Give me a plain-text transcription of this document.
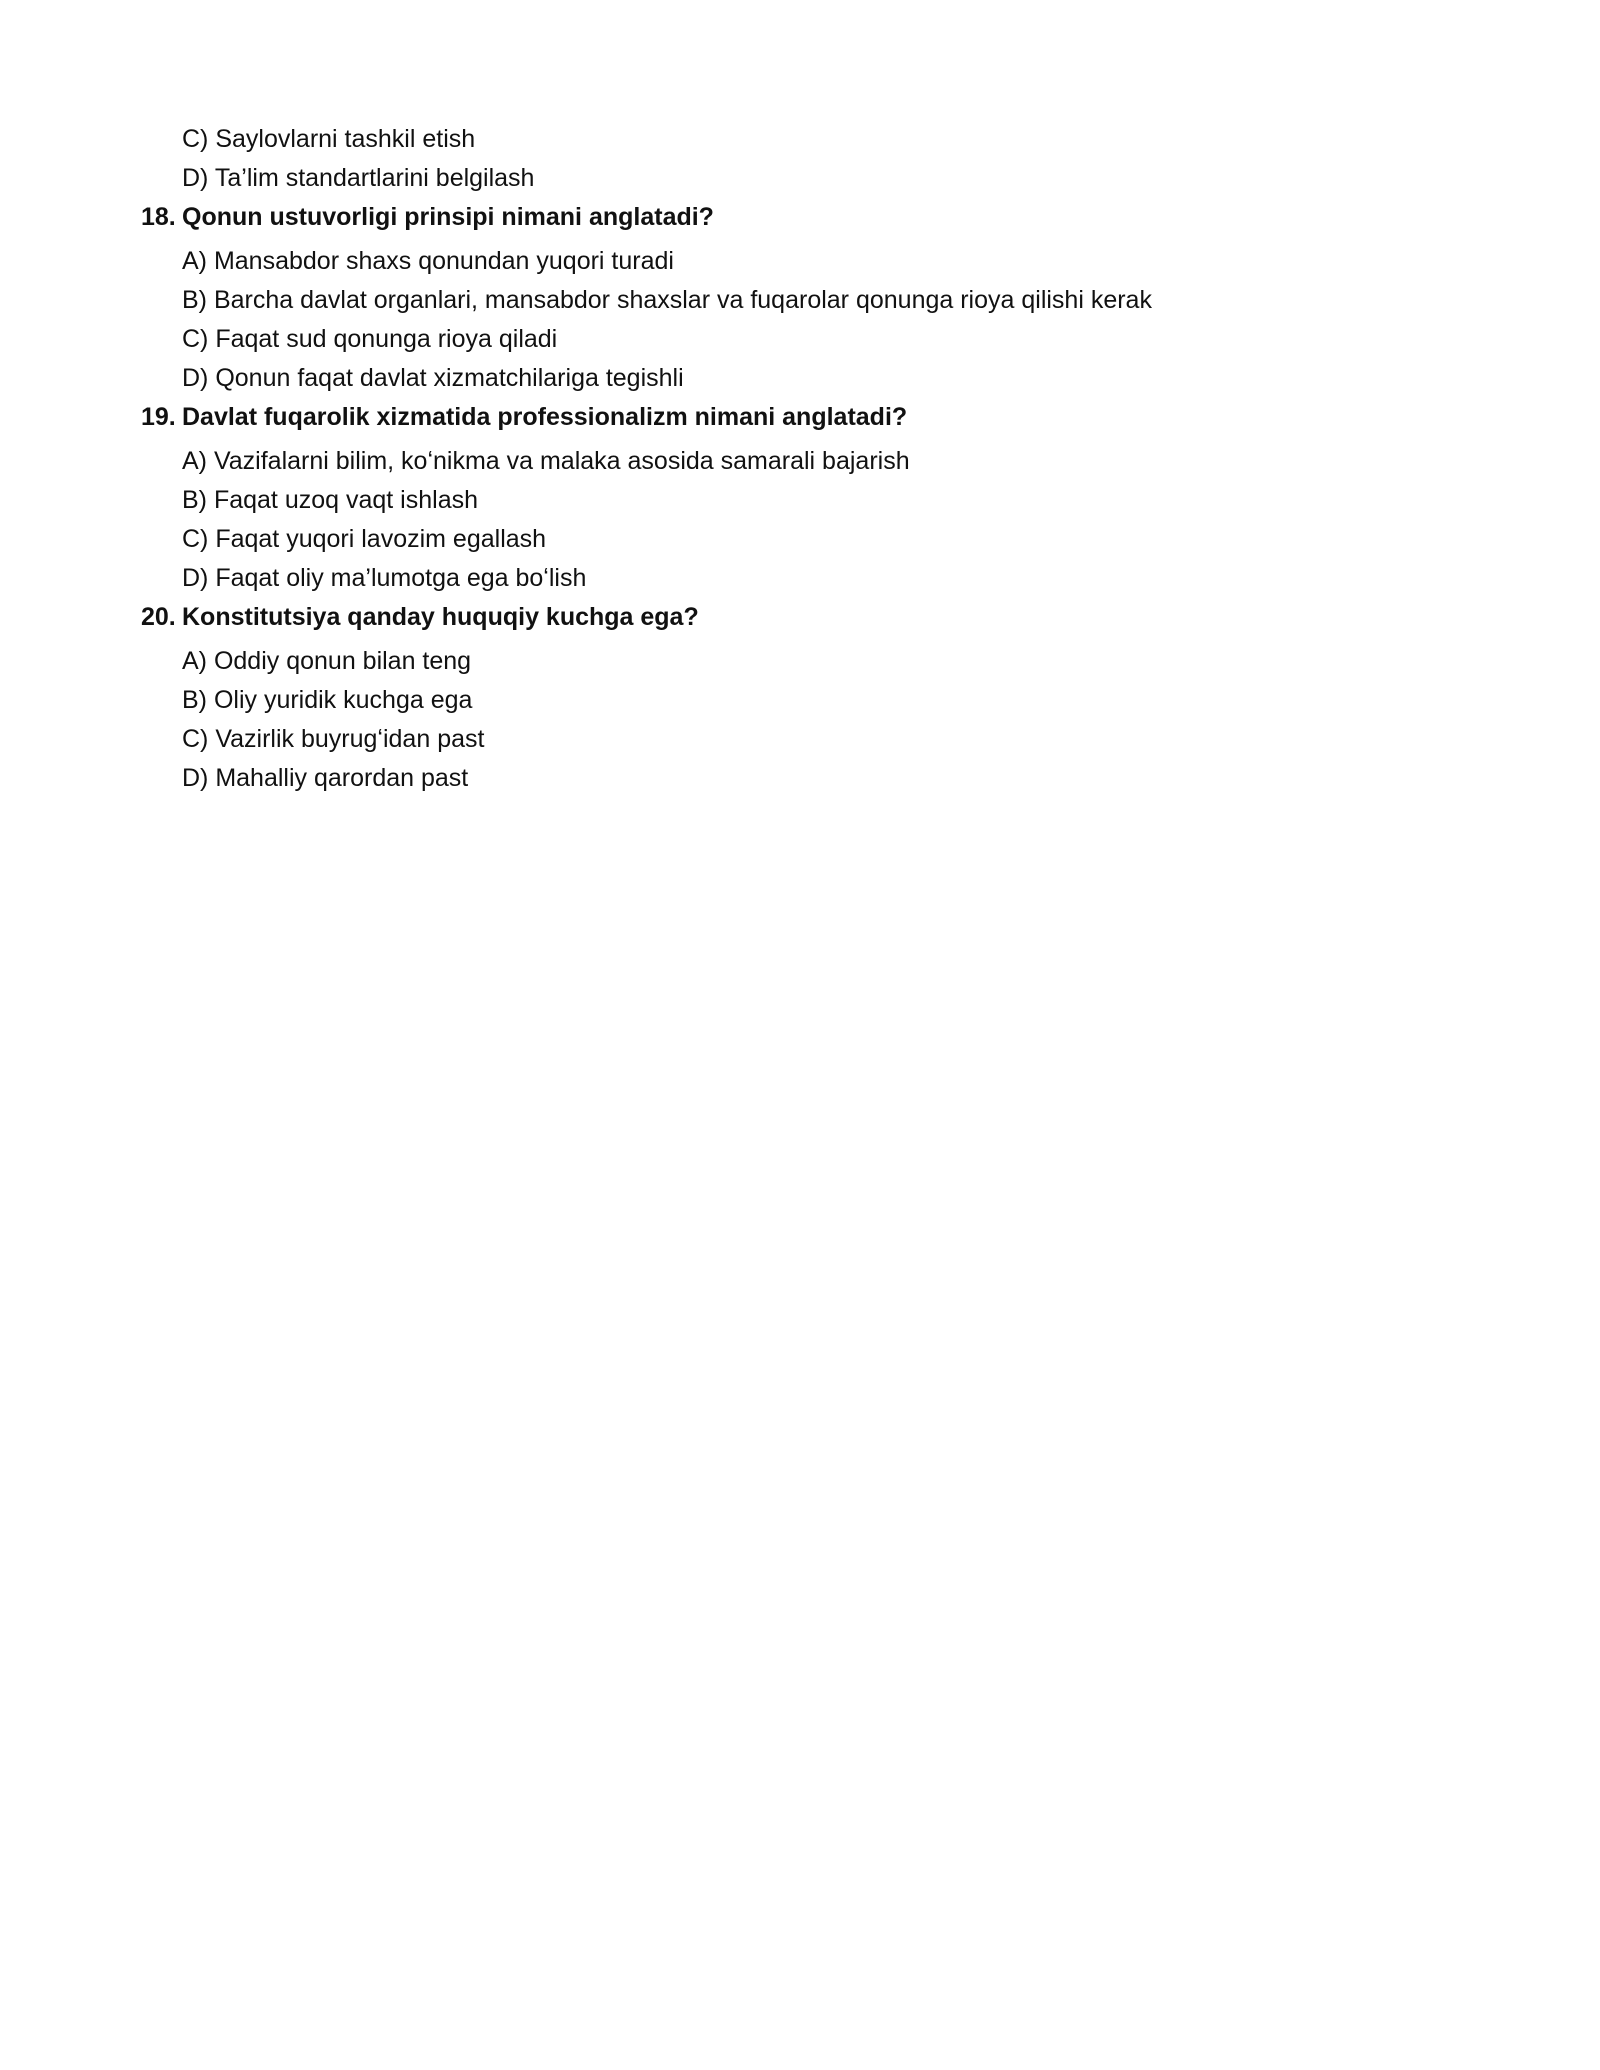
C) Saylovlarni tashkil etish
D) Ta’lim standartlarini belgilash
18. Qonun ustuvorligi prinsipi nimani anglatadi?
A) Mansabdor shaxs qonundan yuqori turadi
B) Barcha davlat organlari, mansabdor shaxslar va fuqarolar qonunga rioya qilishi kerak
C) Faqat sud qonunga rioya qiladi
D) Qonun faqat davlat xizmatchilariga tegishli
19. Davlat fuqarolik xizmatida professionalizm nimani anglatadi?
A) Vazifalarni bilim, koʻnikma va malaka asosida samarali bajarish
B) Faqat uzoq vaqt ishlash
C) Faqat yuqori lavozim egallash
D) Faqat oliy ma’lumotga ega boʻlish
20. Konstitutsiya qanday huquqiy kuchga ega?
A) Oddiy qonun bilan teng
B) Oliy yuridik kuchga ega
C) Vazirlik buyrugʻidan past
D) Mahalliy qarordan past
